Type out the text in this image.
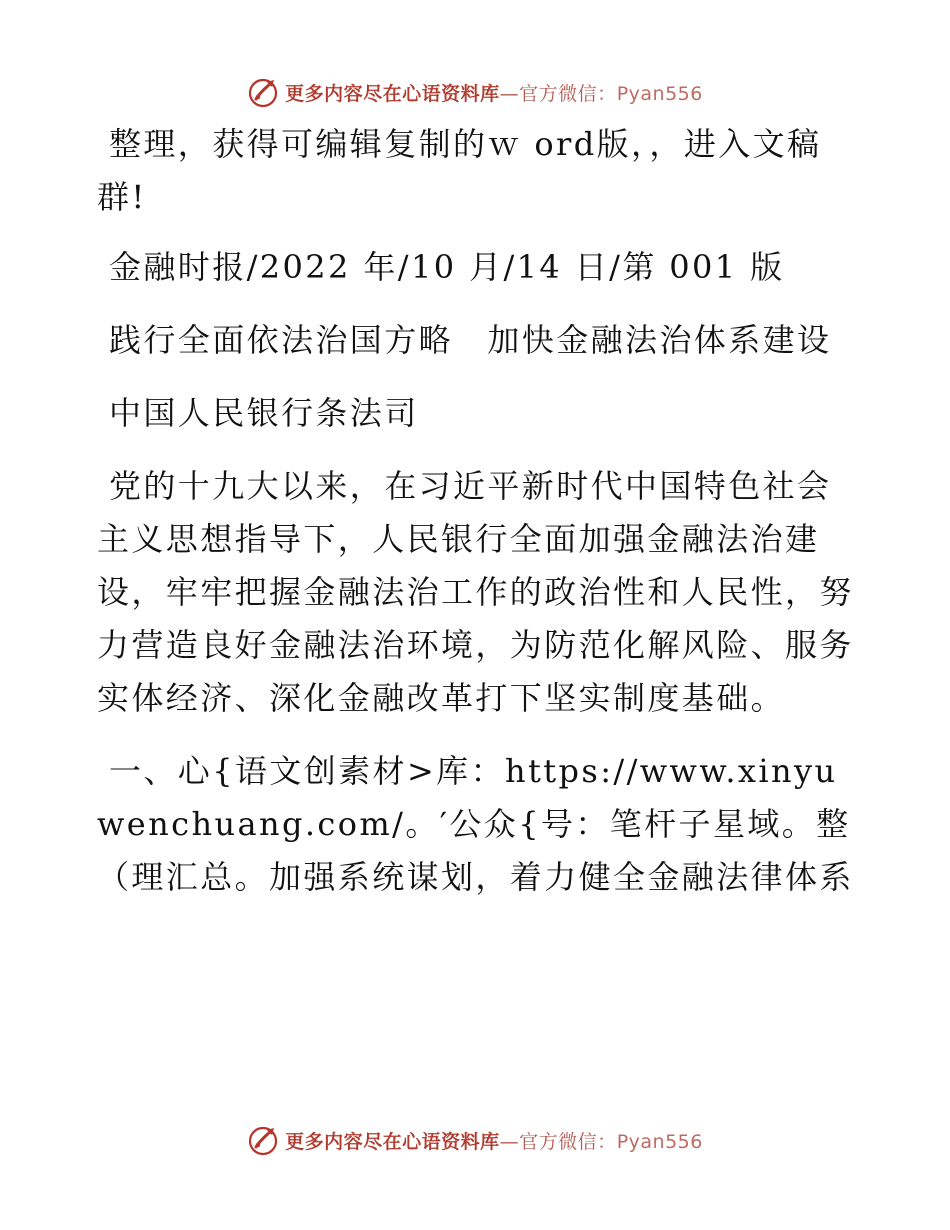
更多内容尽在心语资料库—官方微信：Pyan556

整理，获得可编辑复制的ｗ ord版，，进入文稿群!

金融时报/2022 年/10 月/14 日/第 001 版

践行全面依法治国方略　加快金融法治体系建设

中国人民银行条法司

党的十九大以来，在习近平新时代中国特色社会主义思想指导下，人民银行全面加强金融法治建设，牢牢把握金融法治工作的政治性和人民性，努力营造良好金融法治环境，为防范化解风险、服务实体经济、深化金融改革打下坚实制度基础。

一、心{语文创素材>库：https://www.xinyuwenchuang.com/。′公众{号：笔杆子星域。整（理汇总。加强系统谋划，着力健全金融法律体系

更多内容尽在心语资料库—官方微信：Pyan556
